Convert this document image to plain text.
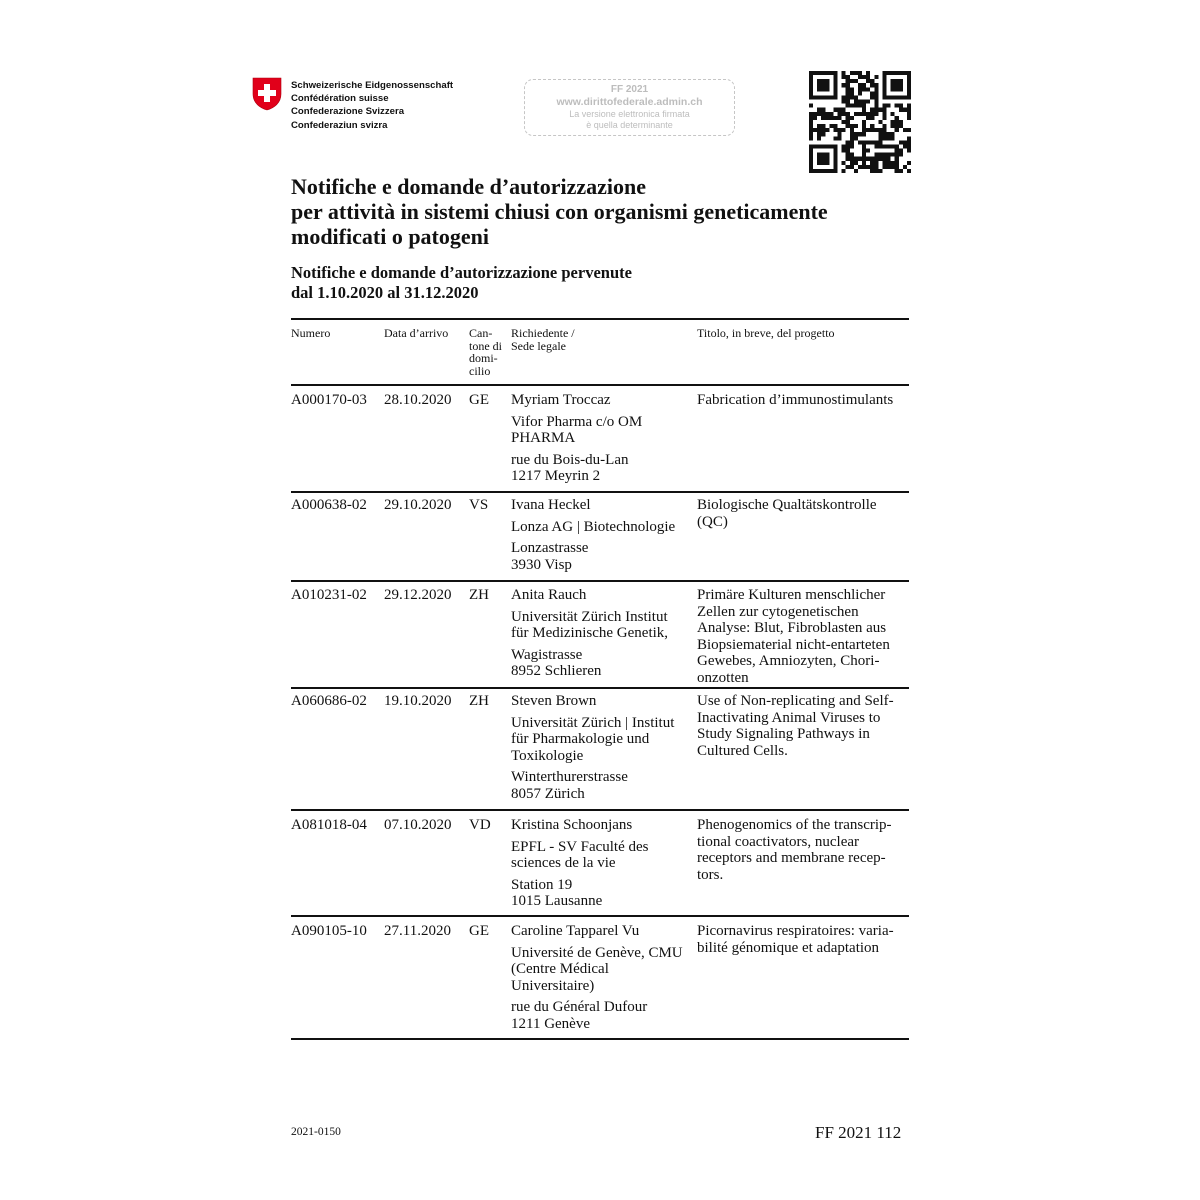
Schweizerische Eidgenossenschaft
Confédération suisse
Confederazione Svizzera
Confederaziun svizra
FF 2021
www.dirittofederale.admin.ch
La versione elettronica firmata
è quella determinante
Notifiche e domande d’autorizzazione
per attività in sistemi chiusi con organismi geneticamente
modificati o patogeni
Notifiche e domande d’autorizzazione pervenute
dal 1.10.2020 al 31.12.2020
Numero	Data d’arrivo Can-
tone di
domi-
cilio
Richiedente /
Sede legale
Titolo, in breve, del progetto
A000170-03 28.10.2020 GE Myriam Troccaz
Vifor Pharma c/o OM
PHARMA
rue du Bois-du-Lan
1217 Meyrin 2
Fabrication d’immunostimulants
A000638-02 29.10.2020 VS Ivana Heckel
Lonza AG | Biotechnologie
Lonzastrasse
3930 Visp
Biologische Qualtätskontrolle
(QC)
A010231-02 29.12.2020 ZH Anita Rauch
Universität Zürich Institut
für Medizinische Genetik,
Wagistrasse
8952 Schlieren
Primäre Kulturen menschlicher
Zellen zur cytogenetischen
Analyse: Blut, Fibroblasten aus
Biopsiematerial nicht-entarteten
Gewebes, Amniozyten, Chori-
onzotten
A060686-02 19.10.2020 ZH Steven Brown
Universität Zürich | Institut
für Pharmakologie und
Toxikologie
Winterthurerstrasse
8057 Zürich
Use of Non-replicating and Self-
Inactivating Animal Viruses to
Study Signaling Pathways in
Cultured Cells.
A081018-04 07.10.2020 VD Kristina Schoonjans
EPFL - SV Faculté des
sciences de la vie
Station 19
1015 Lausanne
Phenogenomics of the transcrip-
tional coactivators, nuclear
receptors and membrane recep-
tors.
A090105-10 27.11.2020 GE Caroline Tapparel Vu
Université de Genève, CMU
(Centre Médical
Universitaire)
rue du Général Dufour
1211 Genève
Picornavirus respiratoires: varia-
bilité génomique et adaptation
2021-0150	FF 2021 112
